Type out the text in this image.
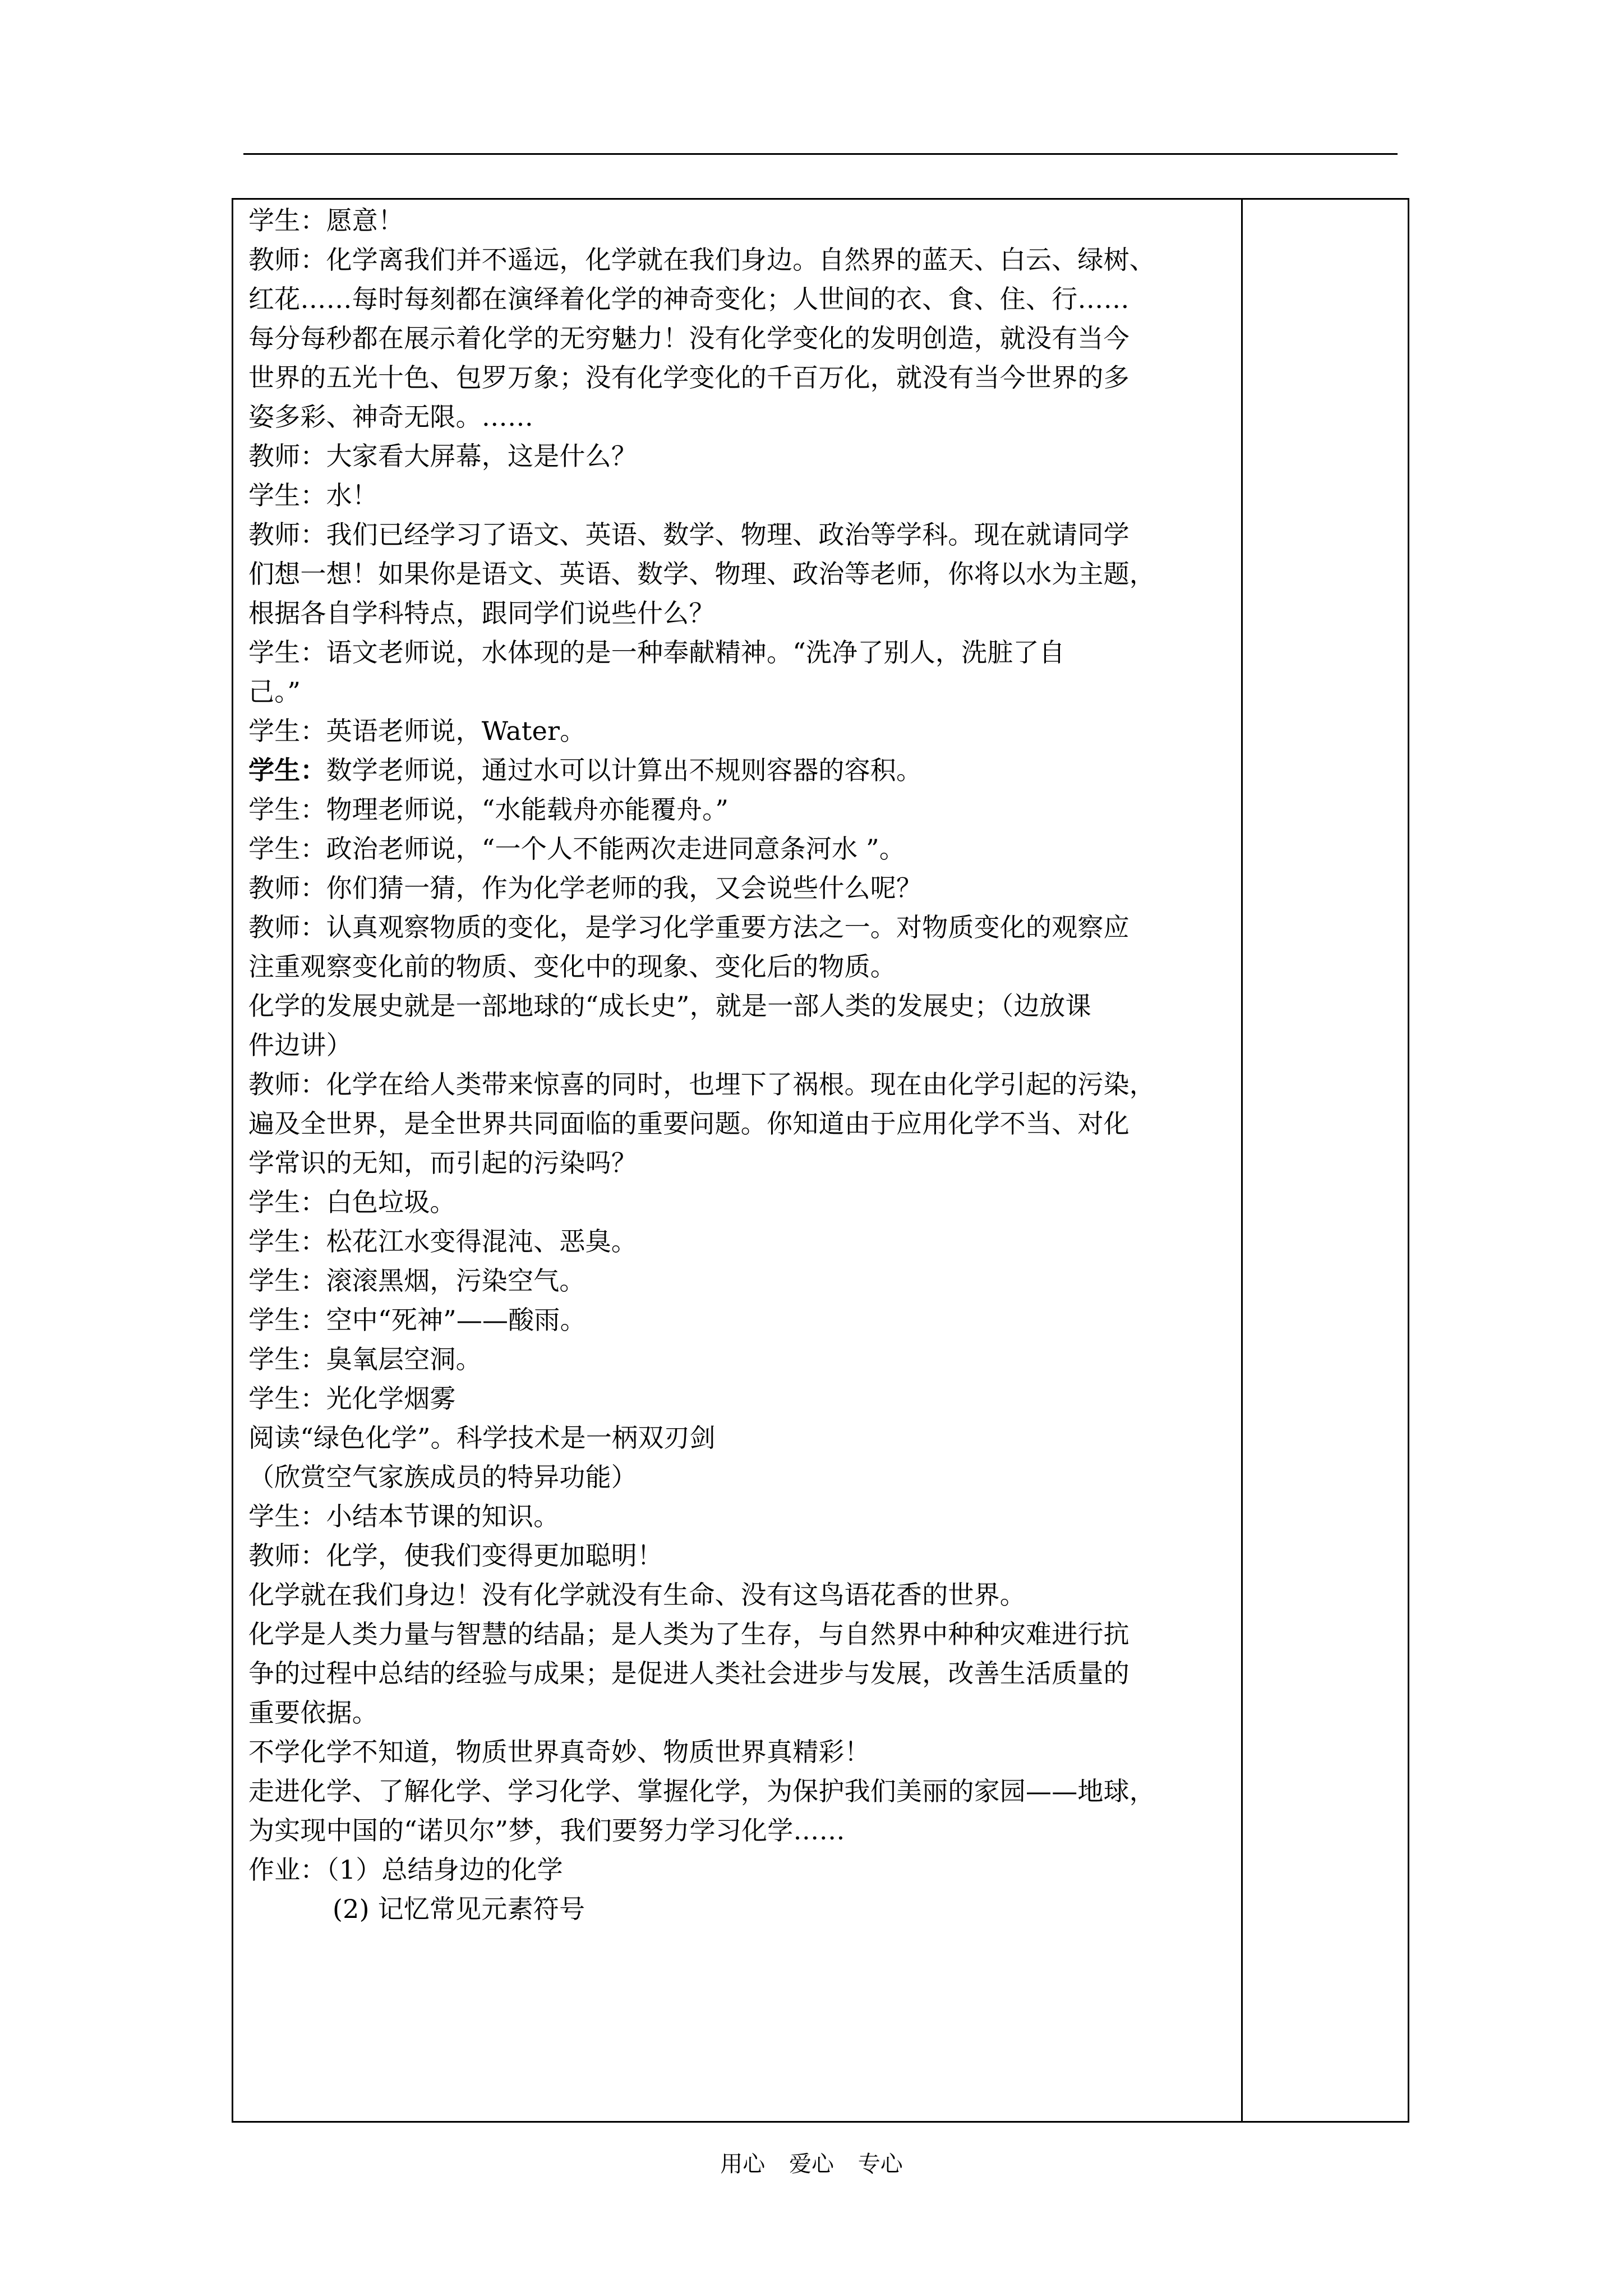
学生：愿意！
教师：化学离我们并不遥远，化学就在我们身边。自然界的蓝天、白云、绿树、
红花……每时每刻都在演绎着化学的神奇变化；人世间的衣、食、住、行……
每分每秒都在展示着化学的无穷魅力！没有化学变化的发明创造，就没有当今
世界的五光十色、包罗万象；没有化学变化的千百万化，就没有当今世界的多
姿多彩、神奇无限。……
教师：大家看大屏幕，这是什么？
学生：水！
教师：我们已经学习了语文、英语、数学、物理、政治等学科。现在就请同学
们想一想！如果你是语文、英语、数学、物理、政治等老师，你将以水为主题，
根据各自学科特点，跟同学们说些什么？
学生：语文老师说，水体现的是一种奉献精神。“洗净了别人，洗脏了自
己。”
学生：英语老师说，Water。
学生：数学老师说，通过水可以计算出不规则容器的容积。
学生：物理老师说，“水能载舟亦能覆舟。”
学生：政治老师说，“一个人不能两次走进同意条河水 ”。
教师：你们猜一猜，作为化学老师的我，又会说些什么呢？
教师：认真观察物质的变化，是学习化学重要方法之一。对物质变化的观察应
注重观察变化前的物质、变化中的现象、变化后的物质。
化学的发展史就是一部地球的“成长史”，就是一部人类的发展史；（边放课
件边讲）
教师：化学在给人类带来惊喜的同时，也埋下了祸根。现在由化学引起的污染，
遍及全世界，是全世界共同面临的重要问题。你知道由于应用化学不当、对化
学常识的无知，而引起的污染吗？
学生：白色垃圾。
学生：松花江水变得混沌、恶臭。
学生：滚滚黑烟，污染空气。
学生：空中“死神”——酸雨。
学生：臭氧层空洞。
学生：光化学烟雾
阅读“绿色化学”。科学技术是一柄双刃剑
（欣赏空气家族成员的特异功能）
学生：小结本节课的知识。
教师：化学，使我们变得更加聪明！
化学就在我们身边！没有化学就没有生命、没有这鸟语花香的世界。
化学是人类力量与智慧的结晶；是人类为了生存，与自然界中种种灾难进行抗
争的过程中总结的经验与成果；是促进人类社会进步与发展，改善生活质量的
重要依据。
不学化学不知道，物质世界真奇妙、物质世界真精彩！
走进化学、了解化学、学习化学、掌握化学，为保护我们美丽的家园——地球，
为实现中国的“诺贝尔”梦，我们要努力学习化学……
作业：（1）总结身边的化学
(2) 记忆常见元素符号
用心 爱心 专心
